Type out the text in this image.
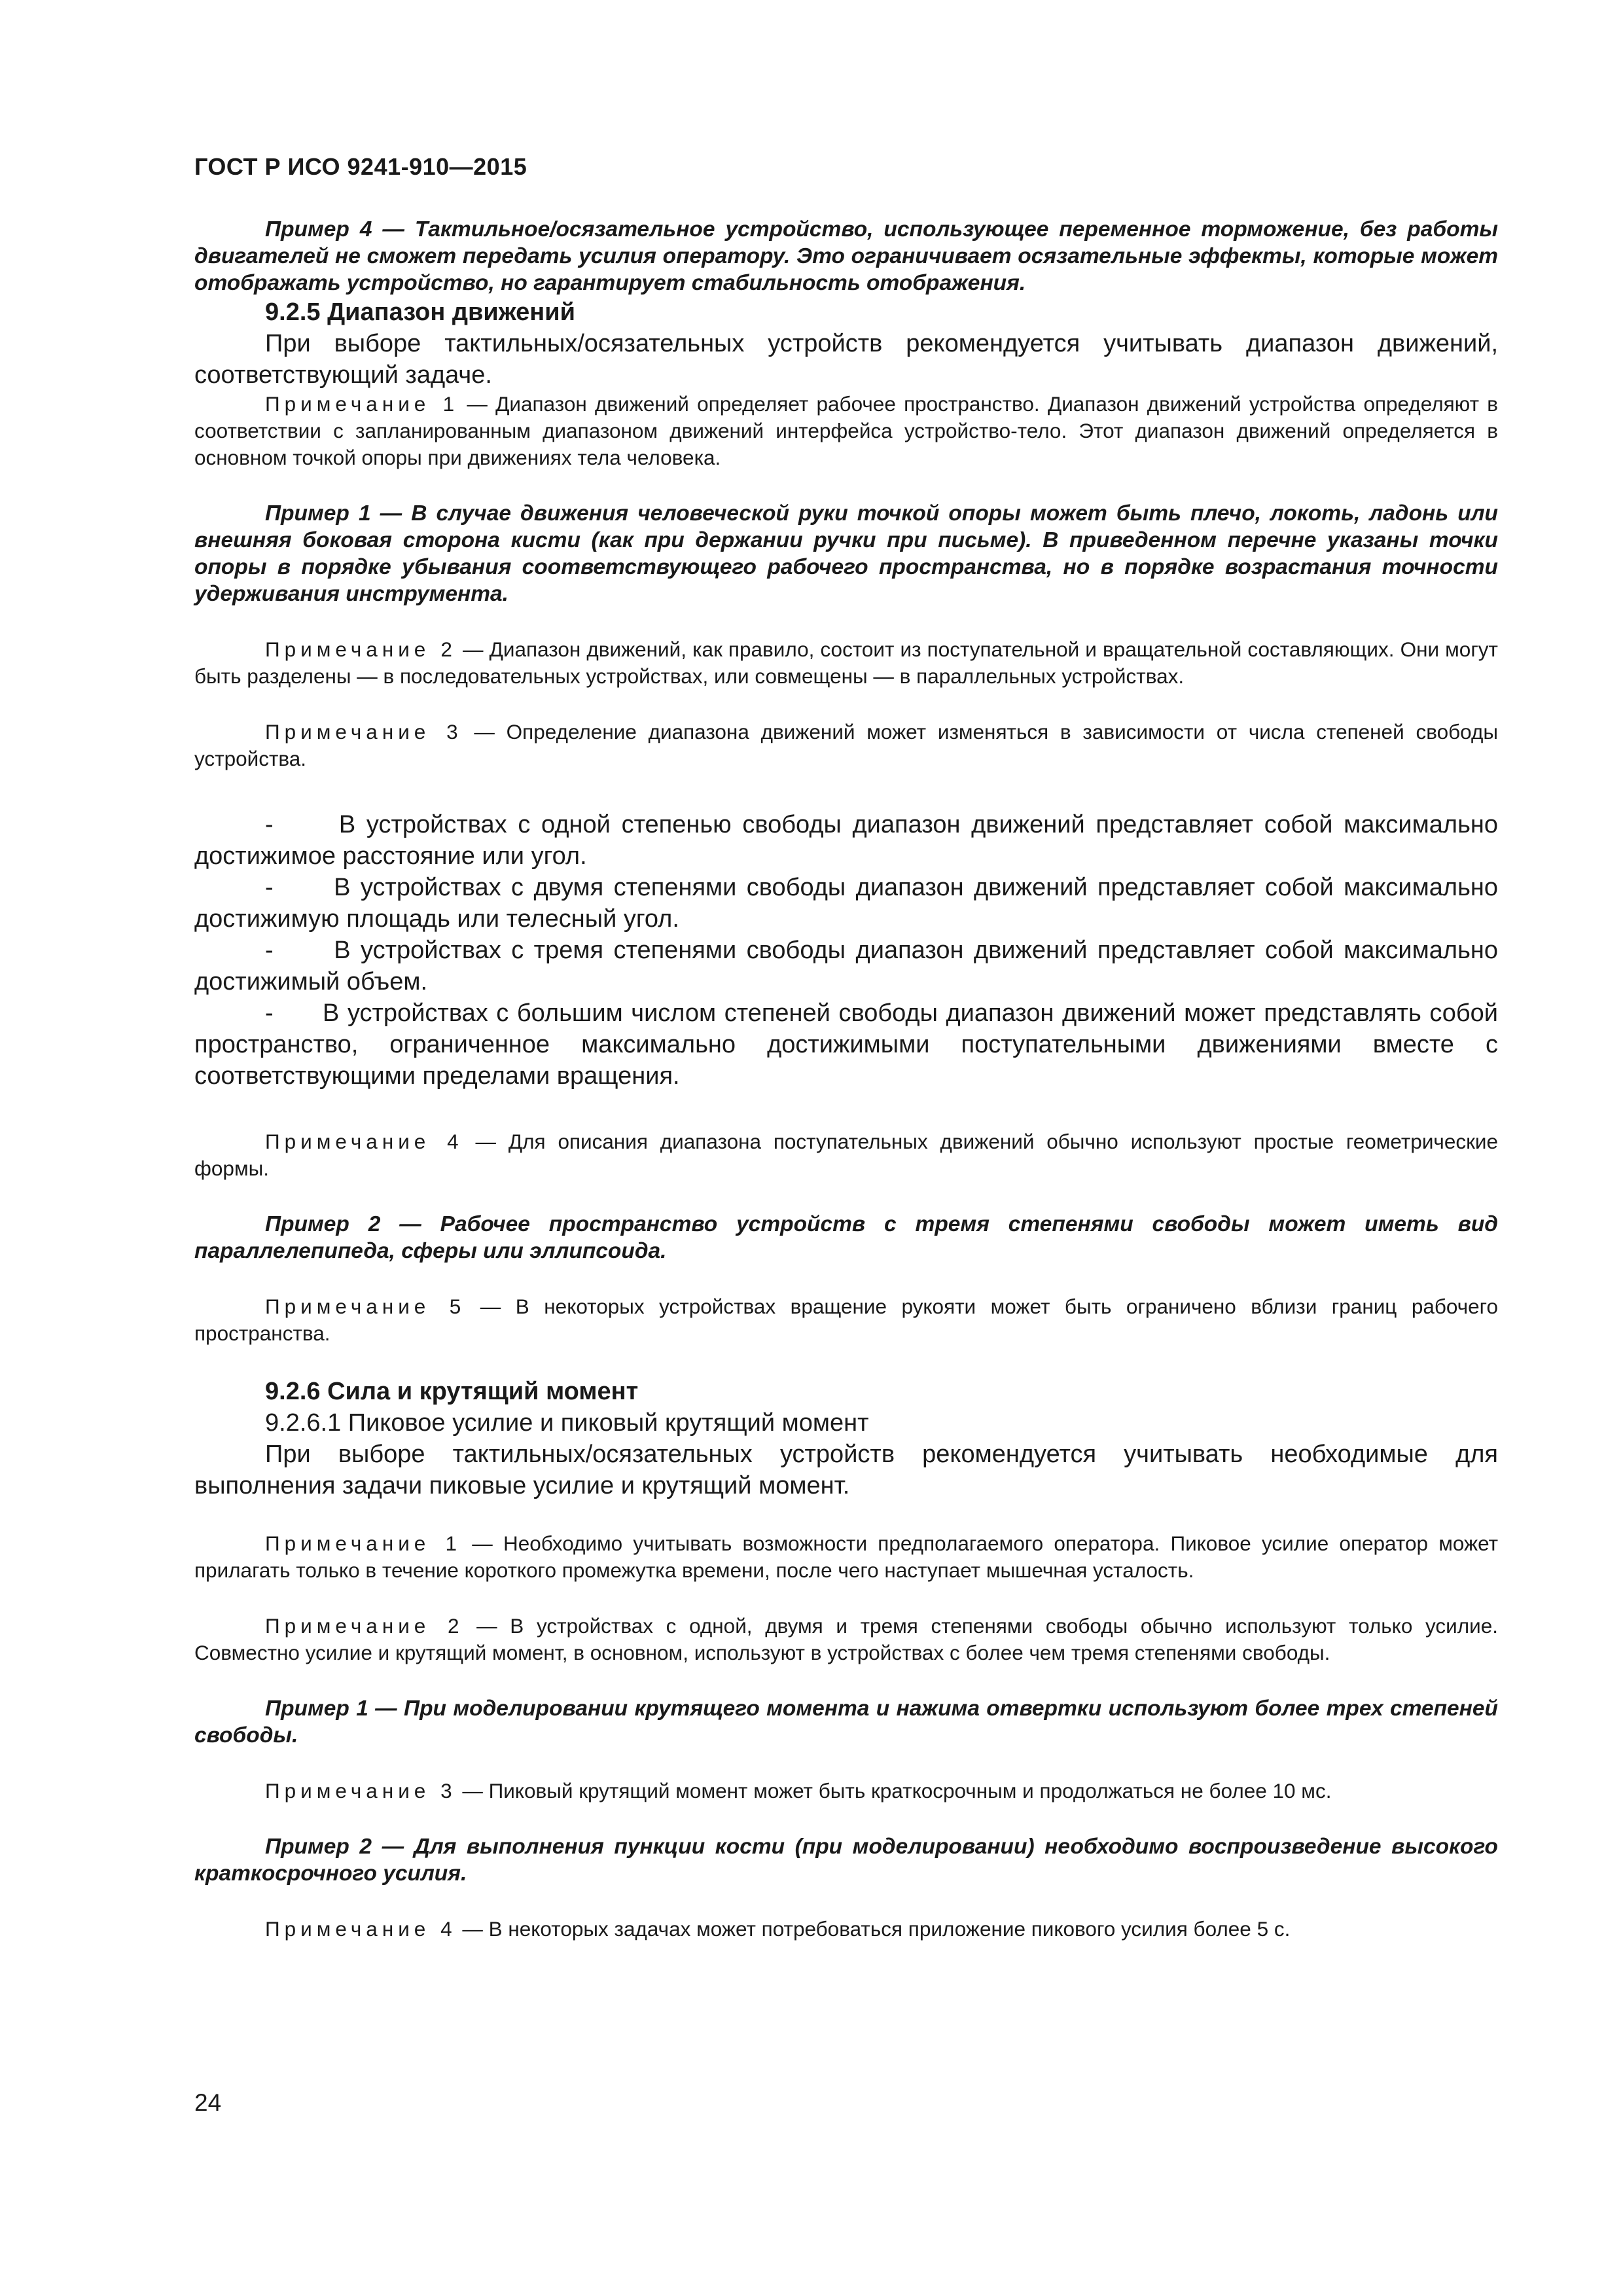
ГОСТ Р ИСО 9241-910—2015

Пример 4 — Тактильное/осязательное устройство, использующее переменное торможение, без работы двигателей не сможет передать усилия оператору. Это ограничивает осязательные эффекты, которые может отображать устройство, но гарантирует стабильность отображения.

9.2.5 Диапазон движений

При выборе тактильных/осязательных устройств рекомендуется учитывать диапазон движений, соответствующий задаче.

Примечание 1 — Диапазон движений определяет рабочее пространство. Диапазон движений устройства определяют в соответствии с запланированным диапазоном движений интерфейса устройство-тело. Этот диапазон движений определяется в основном точкой опоры при движениях тела человека.

Пример 1 — В случае движения человеческой руки точкой опоры может быть плечо, локоть, ладонь или внешняя боковая сторона кисти (как при держании ручки при письме). В приведенном перечне указаны точки опоры в порядке убывания соответствующего рабочего пространства, но в порядке возрастания точности удерживания инструмента.

Примечание 2 — Диапазон движений, как правило, состоит из поступательной и вращательной составляющих. Они могут быть разделены — в последовательных устройствах, или совмещены — в параллельных устройствах.

Примечание 3 — Определение диапазона движений может изменяться в зависимости от числа степеней свободы устройства.

-      В устройствах с одной степенью свободы диапазон движений представляет собой максимально достижимое расстояние или угол.

-      В устройствах с двумя степенями свободы диапазон движений представляет собой максимально достижимую площадь или телесный угол.

-      В устройствах с тремя степенями свободы диапазон движений представляет собой максимально достижимый объем.

-      В устройствах с большим числом степеней свободы диапазон движений может представлять собой пространство, ограниченное максимально достижимыми поступательными движениями вместе с соответствующими пределами вращения.

Примечание 4 — Для описания диапазона поступательных движений обычно используют простые геометрические формы.

Пример 2 — Рабочее пространство устройств с тремя степенями свободы может иметь вид параллелепипеда, сферы или эллипсоида.

Примечание 5 — В некоторых устройствах вращение рукояти может быть ограничено вблизи границ рабочего пространства.

9.2.6 Сила и крутящий момент

9.2.6.1 Пиковое усилие и пиковый крутящий момент

При выборе тактильных/осязательных устройств рекомендуется учитывать необходимые для выполнения задачи пиковые усилие и крутящий момент.

Примечание 1 — Необходимо учитывать возможности предполагаемого оператора. Пиковое усилие оператор может прилагать только в течение короткого промежутка времени, после чего наступает мышечная усталость.

Примечание 2 — В устройствах с одной, двумя и тремя степенями свободы обычно используют только усилие. Совместно усилие и крутящий момент, в основном, используют в устройствах с более чем тремя степенями свободы.

Пример 1 — При моделировании крутящего момента и нажима отвертки используют более трех степеней свободы.

Примечание 3 — Пиковый крутящий момент может быть краткосрочным и продолжаться не более 10 мс.

Пример 2 — Для выполнения пункции кости (при моделировании) необходимо воспроизведение высокого краткосрочного усилия.

Примечание 4 — В некоторых задачах может потребоваться приложение пикового усилия более 5 с.

24
